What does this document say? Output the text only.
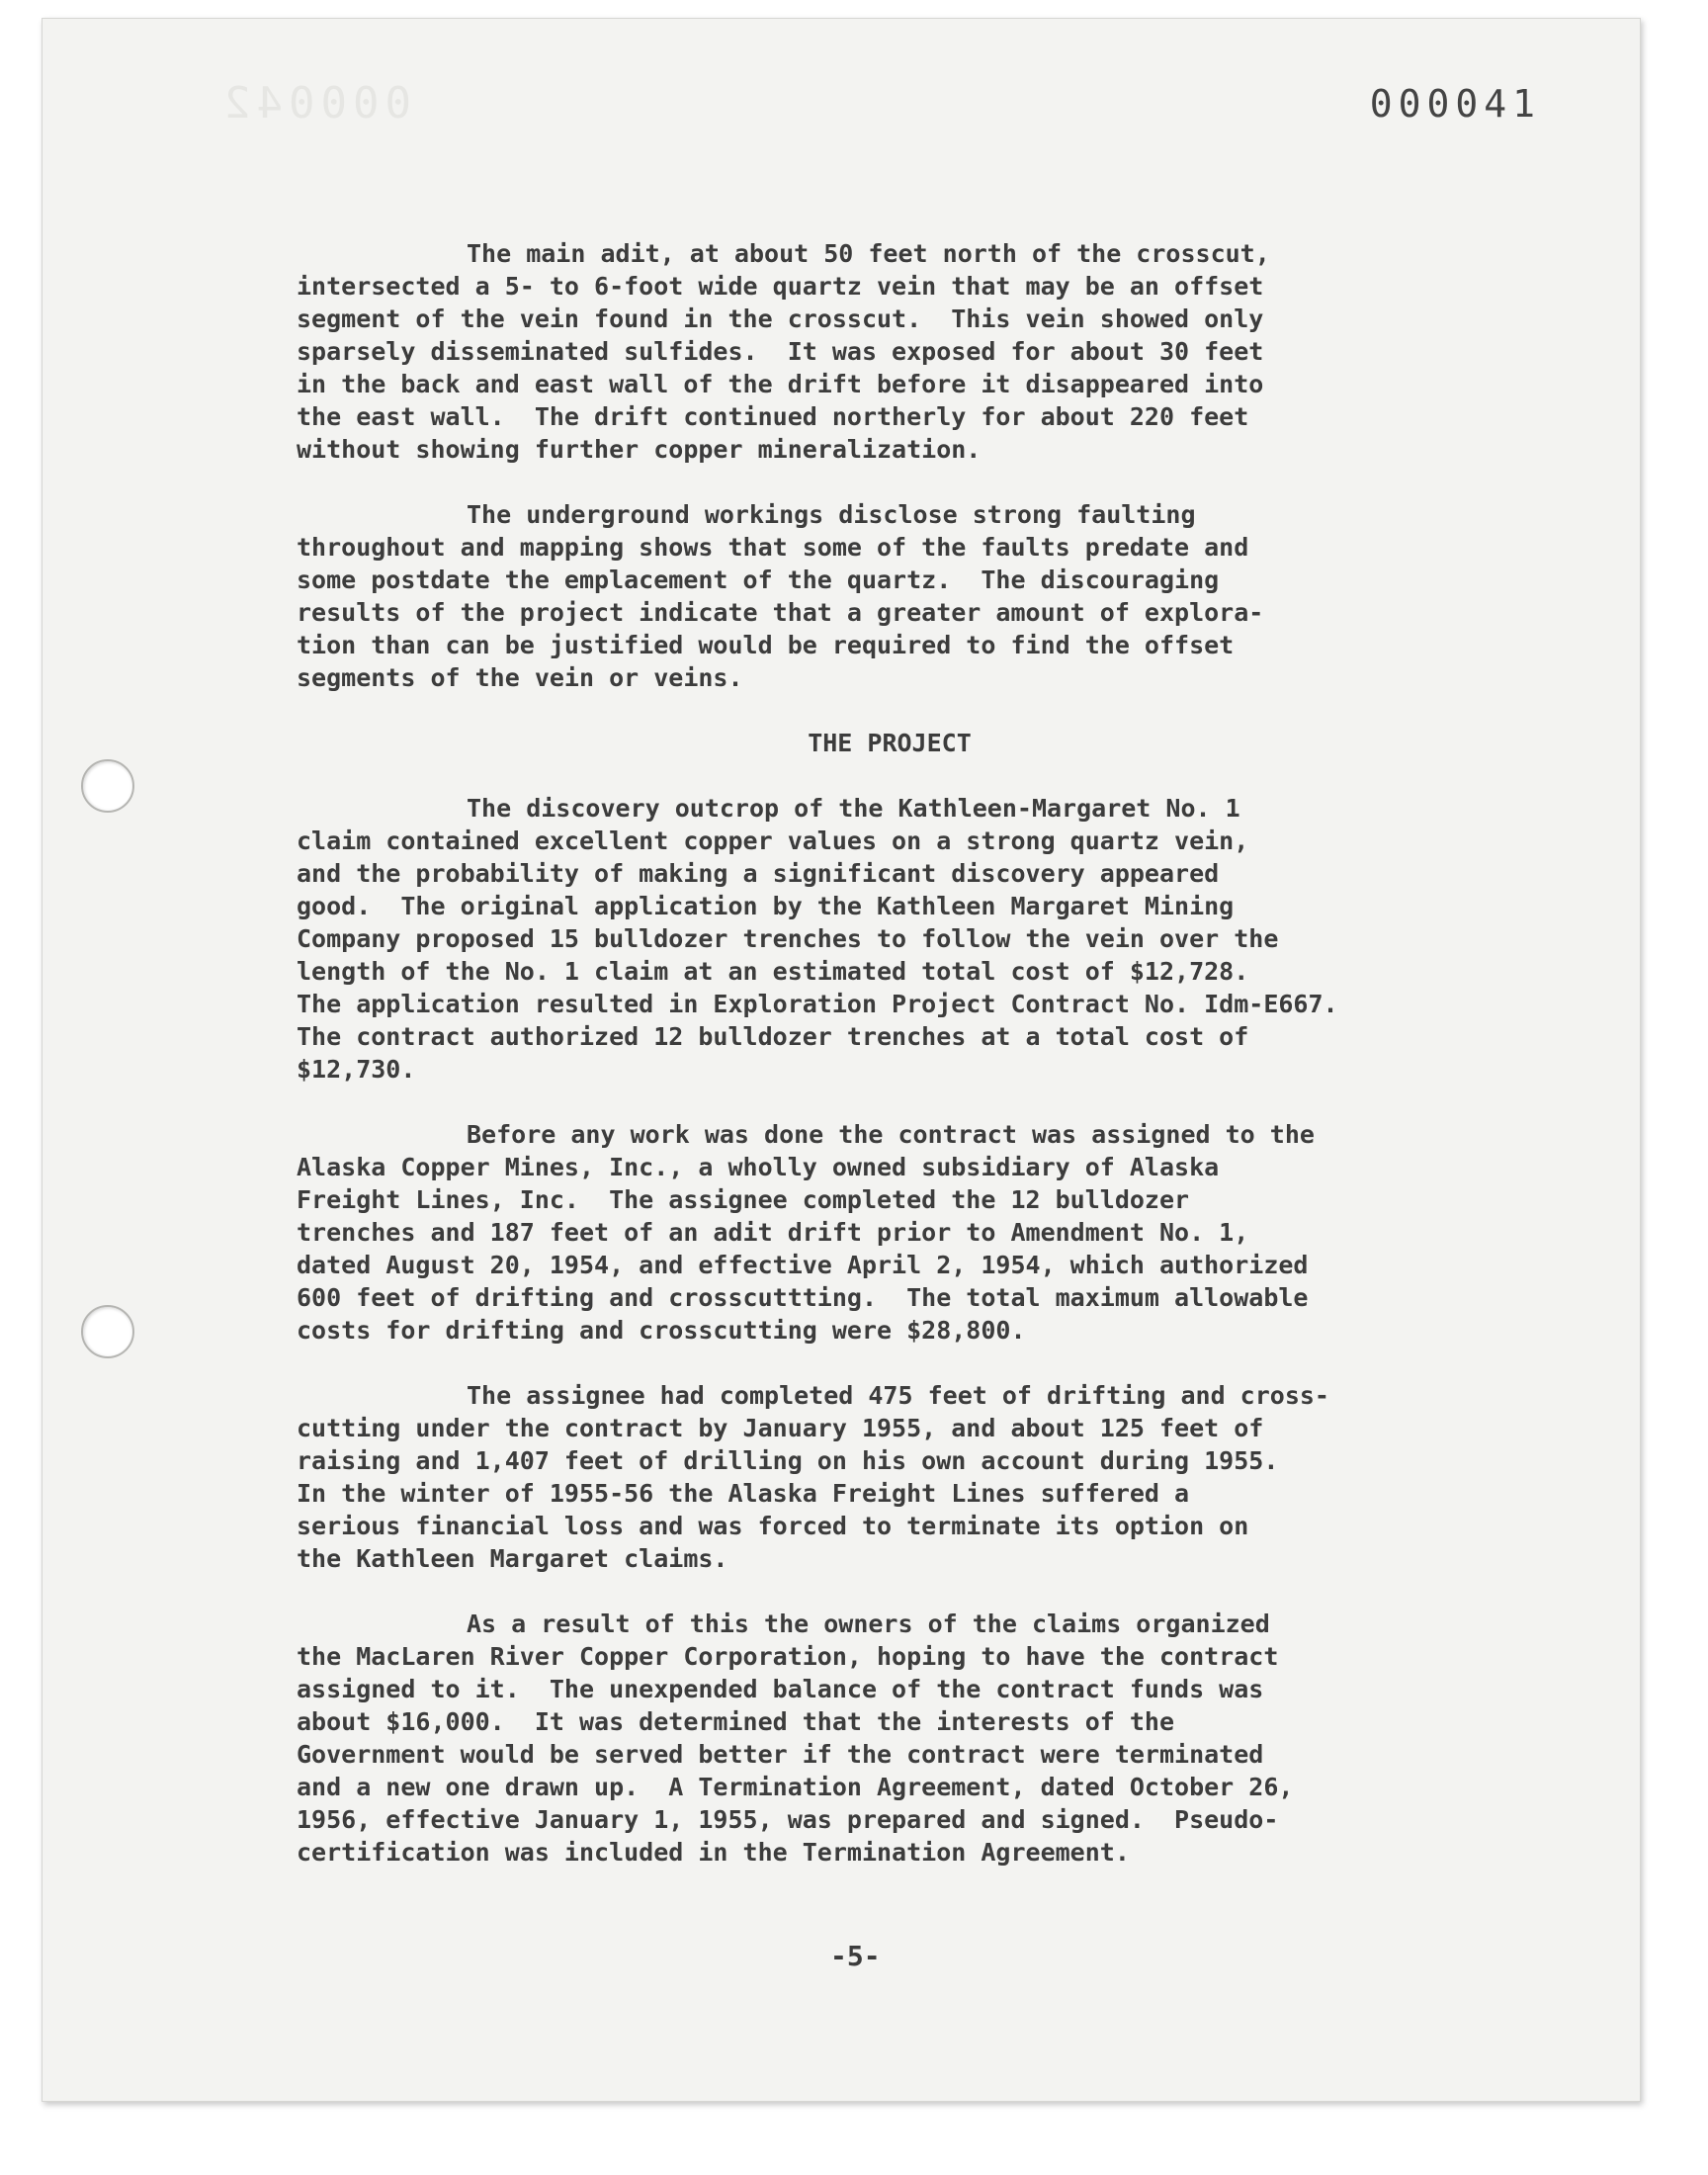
000042	000041

The main adit, at about 50 feet north of the crosscut,
intersected a 5- to 6-foot wide quartz vein that may be an offset
segment of the vein found in the crosscut.  This vein showed only
sparsely disseminated sulfides.  It was exposed for about 30 feet
in the back and east wall of the drift before it disappeared into
the east wall.  The drift continued northerly for about 220 feet
without showing further copper mineralization.

The underground workings disclose strong faulting
throughout and mapping shows that some of the faults predate and
some postdate the emplacement of the quartz.  The discouraging
results of the project indicate that a greater amount of explora-
tion than can be justified would be required to find the offset
segments of the vein or veins.

THE PROJECT

The discovery outcrop of the Kathleen-Margaret No. 1
claim contained excellent copper values on a strong quartz vein,
and the probability of making a significant discovery appeared
good.  The original application by the Kathleen Margaret Mining
Company proposed 15 bulldozer trenches to follow the vein over the
length of the No. 1 claim at an estimated total cost of $12,728.
The application resulted in Exploration Project Contract No. Idm-E667.
The contract authorized 12 bulldozer trenches at a total cost of
$12,730.

Before any work was done the contract was assigned to the
Alaska Copper Mines, Inc., a wholly owned subsidiary of Alaska
Freight Lines, Inc.  The assignee completed the 12 bulldozer
trenches and 187 feet of an adit drift prior to Amendment No. 1,
dated August 20, 1954, and effective April 2, 1954, which authorized
600 feet of drifting and crosscuttting.  The total maximum allowable
costs for drifting and crosscutting were $28,800.

The assignee had completed 475 feet of drifting and cross-
cutting under the contract by January 1955, and about 125 feet of
raising and 1,407 feet of drilling on his own account during 1955.
In the winter of 1955-56 the Alaska Freight Lines suffered a
serious financial loss and was forced to terminate its option on
the Kathleen Margaret claims.

As a result of this the owners of the claims organized
the MacLaren River Copper Corporation, hoping to have the contract
assigned to it.  The unexpended balance of the contract funds was
about $16,000.  It was determined that the interests of the
Government would be served better if the contract were terminated
and a new one drawn up.  A Termination Agreement, dated October 26,
1956, effective January 1, 1955, was prepared and signed.  Pseudo-
certification was included in the Termination Agreement.

-5-
